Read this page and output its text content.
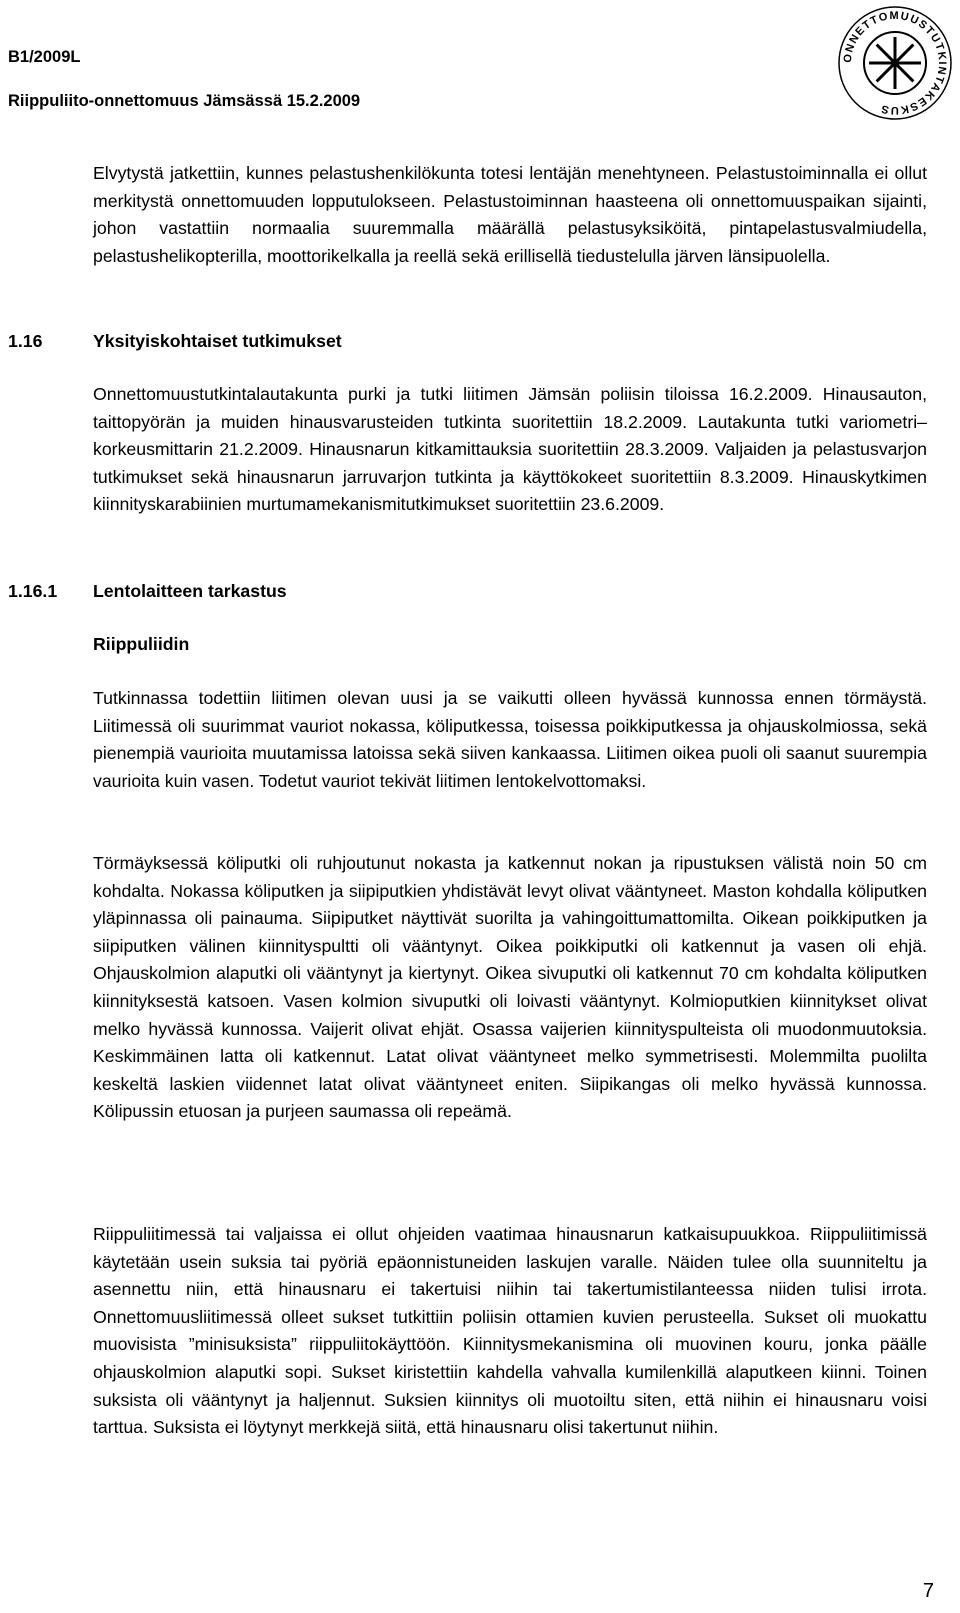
B1/2009L
Riippuliito-onnettomuus Jämsässä 15.2.2009
ONNETTOMUUSTUTKINTAKESKUS
Elvytystä jatkettiin, kunnes pelastushenkilökunta totesi lentäjän menehtyneen. Pelastustoiminnalla ei ollut merkitystä onnettomuuden lopputulokseen. Pelastustoiminnan haasteena oli onnettomuuspaikan sijainti, johon vastattiin normaalia suuremmalla määrällä pelastusyksiköitä, pintapelastusvalmiudella, pelastushelikopterilla, moottorikelkalla ja reellä sekä erillisellä tiedustelulla järven länsipuolella.
1.16	Yksityiskohtaiset tutkimukset
Onnettomuustutkintalautakunta purki ja tutki liitimen Jämsän poliisin tiloissa 16.2.2009. Hinausauton, taittopyörän ja muiden hinausvarusteiden tutkinta suoritettiin 18.2.2009. Lautakunta tutki variometri–korkeusmittarin 21.2.2009. Hinausnarun kitkamittauksia suoritettiin 28.3.2009. Valjaiden ja pelastusvarjon tutkimukset sekä hinausnarun jarruvarjon tutkinta ja käyttökokeet suoritettiin 8.3.2009. Hinauskytkimen kiinnityskarabiinien murtumamekanismitutkimukset suoritettiin 23.6.2009.
1.16.1 Lentolaitteen tarkastus
Riippuliidin
Tutkinnassa todettiin liitimen olevan uusi ja se vaikutti olleen hyvässä kunnossa ennen törmäystä. Liitimessä oli suurimmat vauriot nokassa, köliputkessa, toisessa poikkiputkessa ja ohjauskolmiossa, sekä pienempiä vaurioita muutamissa latoissa sekä siiven kankaassa. Liitimen oikea puoli oli saanut suurempia vaurioita kuin vasen. Todetut vauriot tekivät liitimen lentokelvottomaksi.
Törmäyksessä köliputki oli ruhjoutunut nokasta ja katkennut nokan ja ripustuksen välistä noin 50 cm kohdalta. Nokassa köliputken ja siipiputkien yhdistävät levyt olivat vääntyneet. Maston kohdalla köliputken yläpinnassa oli painauma. Siipiputket näyttivät suorilta ja vahingoittumattomilta. Oikean poikkiputken ja siipiputken välinen kiinnityspultti oli vääntynyt. Oikea poikkiputki oli katkennut ja vasen oli ehjä. Ohjauskolmion alaputki oli vääntynyt ja kiertynyt. Oikea sivuputki oli katkennut 70 cm kohdalta köliputken kiinnityksestä katsoen. Vasen kolmion sivuputki oli loivasti vääntynyt. Kolmioputkien kiinnitykset olivat melko hyvässä kunnossa. Vaijerit olivat ehjät. Osassa vaijerien kiinnityspulteista oli muodonmuutoksia. Keskimmäinen latta oli katkennut. Latat olivat vääntyneet melko symmetrisesti. Molemmilta puolilta keskeltä laskien viidennet latat olivat vääntyneet eniten. Siipikangas oli melko hyvässä kunnossa. Kölipussin etuosan ja purjeen saumassa oli repeämä.
Riippuliitimessä tai valjaissa ei ollut ohjeiden vaatimaa hinausnarun katkaisupuukkoa. Riippuliitimissä käytetään usein suksia tai pyöriä epäonnistuneiden laskujen varalle. Näiden tulee olla suunniteltu ja asennettu niin, että hinausnaru ei takertuisi niihin tai takertumistilanteessa niiden tulisi irrota. Onnettomuusliitimessä olleet sukset tutkittiin poliisin ottamien kuvien perusteella. Sukset oli muokattu muovisista ”minisuksista” riippuliitokäyttöön. Kiinnitysmekanismina oli muovinen kouru, jonka päälle ohjauskolmion alaputki sopi. Sukset kiristettiin kahdella vahvalla kumilenkillä alaputkeen kiinni. Toinen suksista oli vääntynyt ja haljennut. Suksien kiinnitys oli muotoiltu siten, että niihin ei hinausnaru voisi tarttua. Suksista ei löytynyt merkkejä siitä, että hinausnaru olisi takertunut niihin.
7
